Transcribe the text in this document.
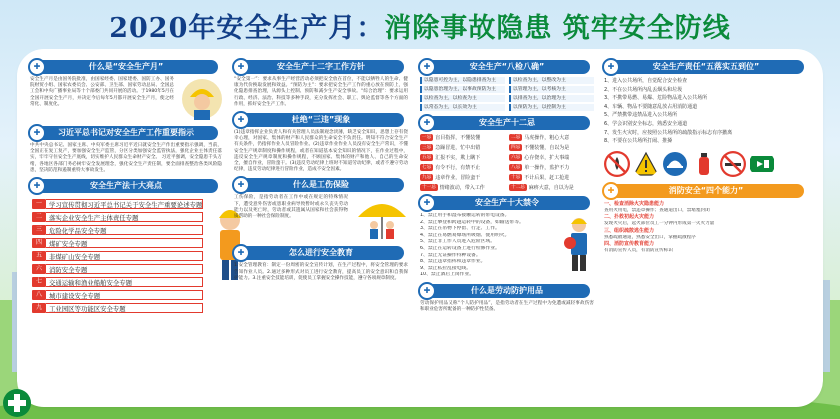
2020年安全生产月：消除事故隐患 筑牢安全防线
✚	什么是“安全生产月”
安全生产月是由国务院批准，由国家经委、国家建委、国防工办、国务院财贸小组、国家农委员会、公安部、卫生部、国家劳动总局、全国总工会和中央广播事业局等十个部委门共同开展的活动。于1980年5月在全国开展安全生产月，并决定今后每年5月都开展安全生产月，使之经常化、制度化。
✚	习近平总书记对安全生产工作重要指示
中共中央总书记、国家主席、中央军委主席习近平近日就安全生产作出重要指示强调，当前，全国正在复工复产，要加强安全生产监管，分区分类加强安全监管执法，强化企业主体责任落实，牢牢守住安全生产底线，切实维护人民群众生命财产安全。 习近平强调，安全隐患千头万绪，各地区各部门务必树牢安全发展理念，强化安全生产责任制，要全面排查整治各类风险隐患，坚决防范和遏制重特大事故发生。
✚	安全生产法十大亮点
一	学习宣传贯彻习近平总书记关于安全生产重要论述专题
二	落实企业安全生产主体责任专题
三	危险化学品安全专题
四	煤矿安全专题
五	非煤矿山安全专题
六	消防安全专题
七	交通运输和渔业船舶安全专题
八	城市建设安全专题
九	工业园区等功能区安全专题
✚	安全生产十二字工作方针
“安全第一”：要求从事生产经营活动必须把安全放在首位，不能以牺牲人的生命、健康为代价换取发展和效益。“预防为主”：要求把安全生产工作的重心放在预防上，强化隐患排查治理，从源头上控制、预防和减少生产安全事故。“综合治理”：要求运用行政、经济、法治、科技等多种手段，充分发挥社会、职工、舆论监督等各个方面的作用，抓好安全生产工作。
✚	杜绝“三违”现象
(1)违章指挥企业负责人和有关管理人员法制观念淡薄，缺乏安全知识，思想上存有侥幸心理，对国家、集体的财产和人民群众的生命安全不负责任。明知不符合安全生产有关条件，仍指挥作业人员冒险作业。(2)违章作业作业人员没有安全生产常识，不懂安全生产规章制度和操作规程，或者在知道基本安全知识的情况下，在作业过程中，违反安全生产规章制度和操作规程，不顾国家、集体的财产和他人、自己的生命安全，擅自作业，冒险蛮干。(3)违反劳动纪律上班时不知道劳动纪律，或者不遵守劳动纪律，违反劳动纪律进行冒险作业，造成不安全因素。
✚	什么是工伤保险
工伤保险，是指劳动者在工作中或在规定的特殊情况下，遭受意外伤害或患职业病导致暂时或永久丧失劳动能力以及死亡时，劳动者或其遗属从国家和社会获得物质帮助的一种社会保险制度。
✚	怎么进行安全教育
1.安全管理教育：制定一份周密的安全宣传计划，在生产过程中，将安全管理的要求告知作业人员。2.通过多种形式对员工进行安全教育，提高员工的安全意识和自我保护能力。3.注重安全技能培训，促使员工掌握安全操作技能，遵守各项规章制度。
✚	安全生产“八检八确”
以隐患可控为主，以隐患排查为主	以检查为主，以整改为主
以隐患治理为主，以事故预防为主	以管理为主，以考核为主
以检查为主，以检查为主	以排查为主，以治理为主
以常态为主，以长效为主	以预防为主，以控制为主
✚	安全生产十二忌
一忌 盲目指挥，不懂装懂	二忌 马虎操作，粗心大意
三忌 急躁冒进，忙中出错	四忌 不懂装懂，自以为是
五忌 汇报不实，欺上瞒下	六忌 心存侥幸，扩大事端
七忌 有令不行，有禁不止	八忌 单一操作，监护不力
九忌 违章作业，冒险蛮干	十忌 不计后果，赶工抢进
十一忌 情绪波动，带入工作	十二忌 麻痹大意，自以为是
✚	安全生产十大禁令
1、禁止用手和湿布接触运转的带电设备。
2、禁止攀登和跨越运转中的设备，如输送带等。
3、禁止在吊物下停留、行走、工作。
4、禁止在易燃易爆场所吸烟、使用明火。
5、禁止非工作人员进入危险区域。
6、禁止在运转设备上进行检修作业。
7、禁止无证操作特种设备。
8、禁止违章指挥和违章作业。
9、禁止私拉乱接电线。
10、禁止酒后上岗作业。
✚	什么是劳动防护用品
劳动保护用品又称“个人防护用品”，是指劳动者在生产过程中为免遭或减轻事故伤害和职业危害所配备的一种防护性装备。
✚	安全生产责任“五落实五到位”
1、进入公共场所，自觉配合安全检查
2、不在公共场所内乱丢烟头和垃圾
3、不携带易燃、易爆、危险物品进入公共场所
4、车辆、物品不要随意乱放占用消防通道
5、严禁携带违禁品进入公共场所
6、学会识别安全标志，熟悉安全通道
7、发生火灾时，应按照公共场所的疏散指示标志有序撤离
8、不要在公共场所打闹、推搡
✚	消防安全“四个能力”
一、检查消除火灾隐患能力
查用火用电，禁违章操作；查通道出口，禁堵塞封闭
二、扑救初起火灾能力
发现火灾后，起火部位员工一分钟内形成第一灭火力量
三、组织疏散逃生能力
熟悉疏散通道，熟悉安全出口，掌握疏散程序
四、消防宣传教育能力
有消防宣传人员，有消防宣传标识
